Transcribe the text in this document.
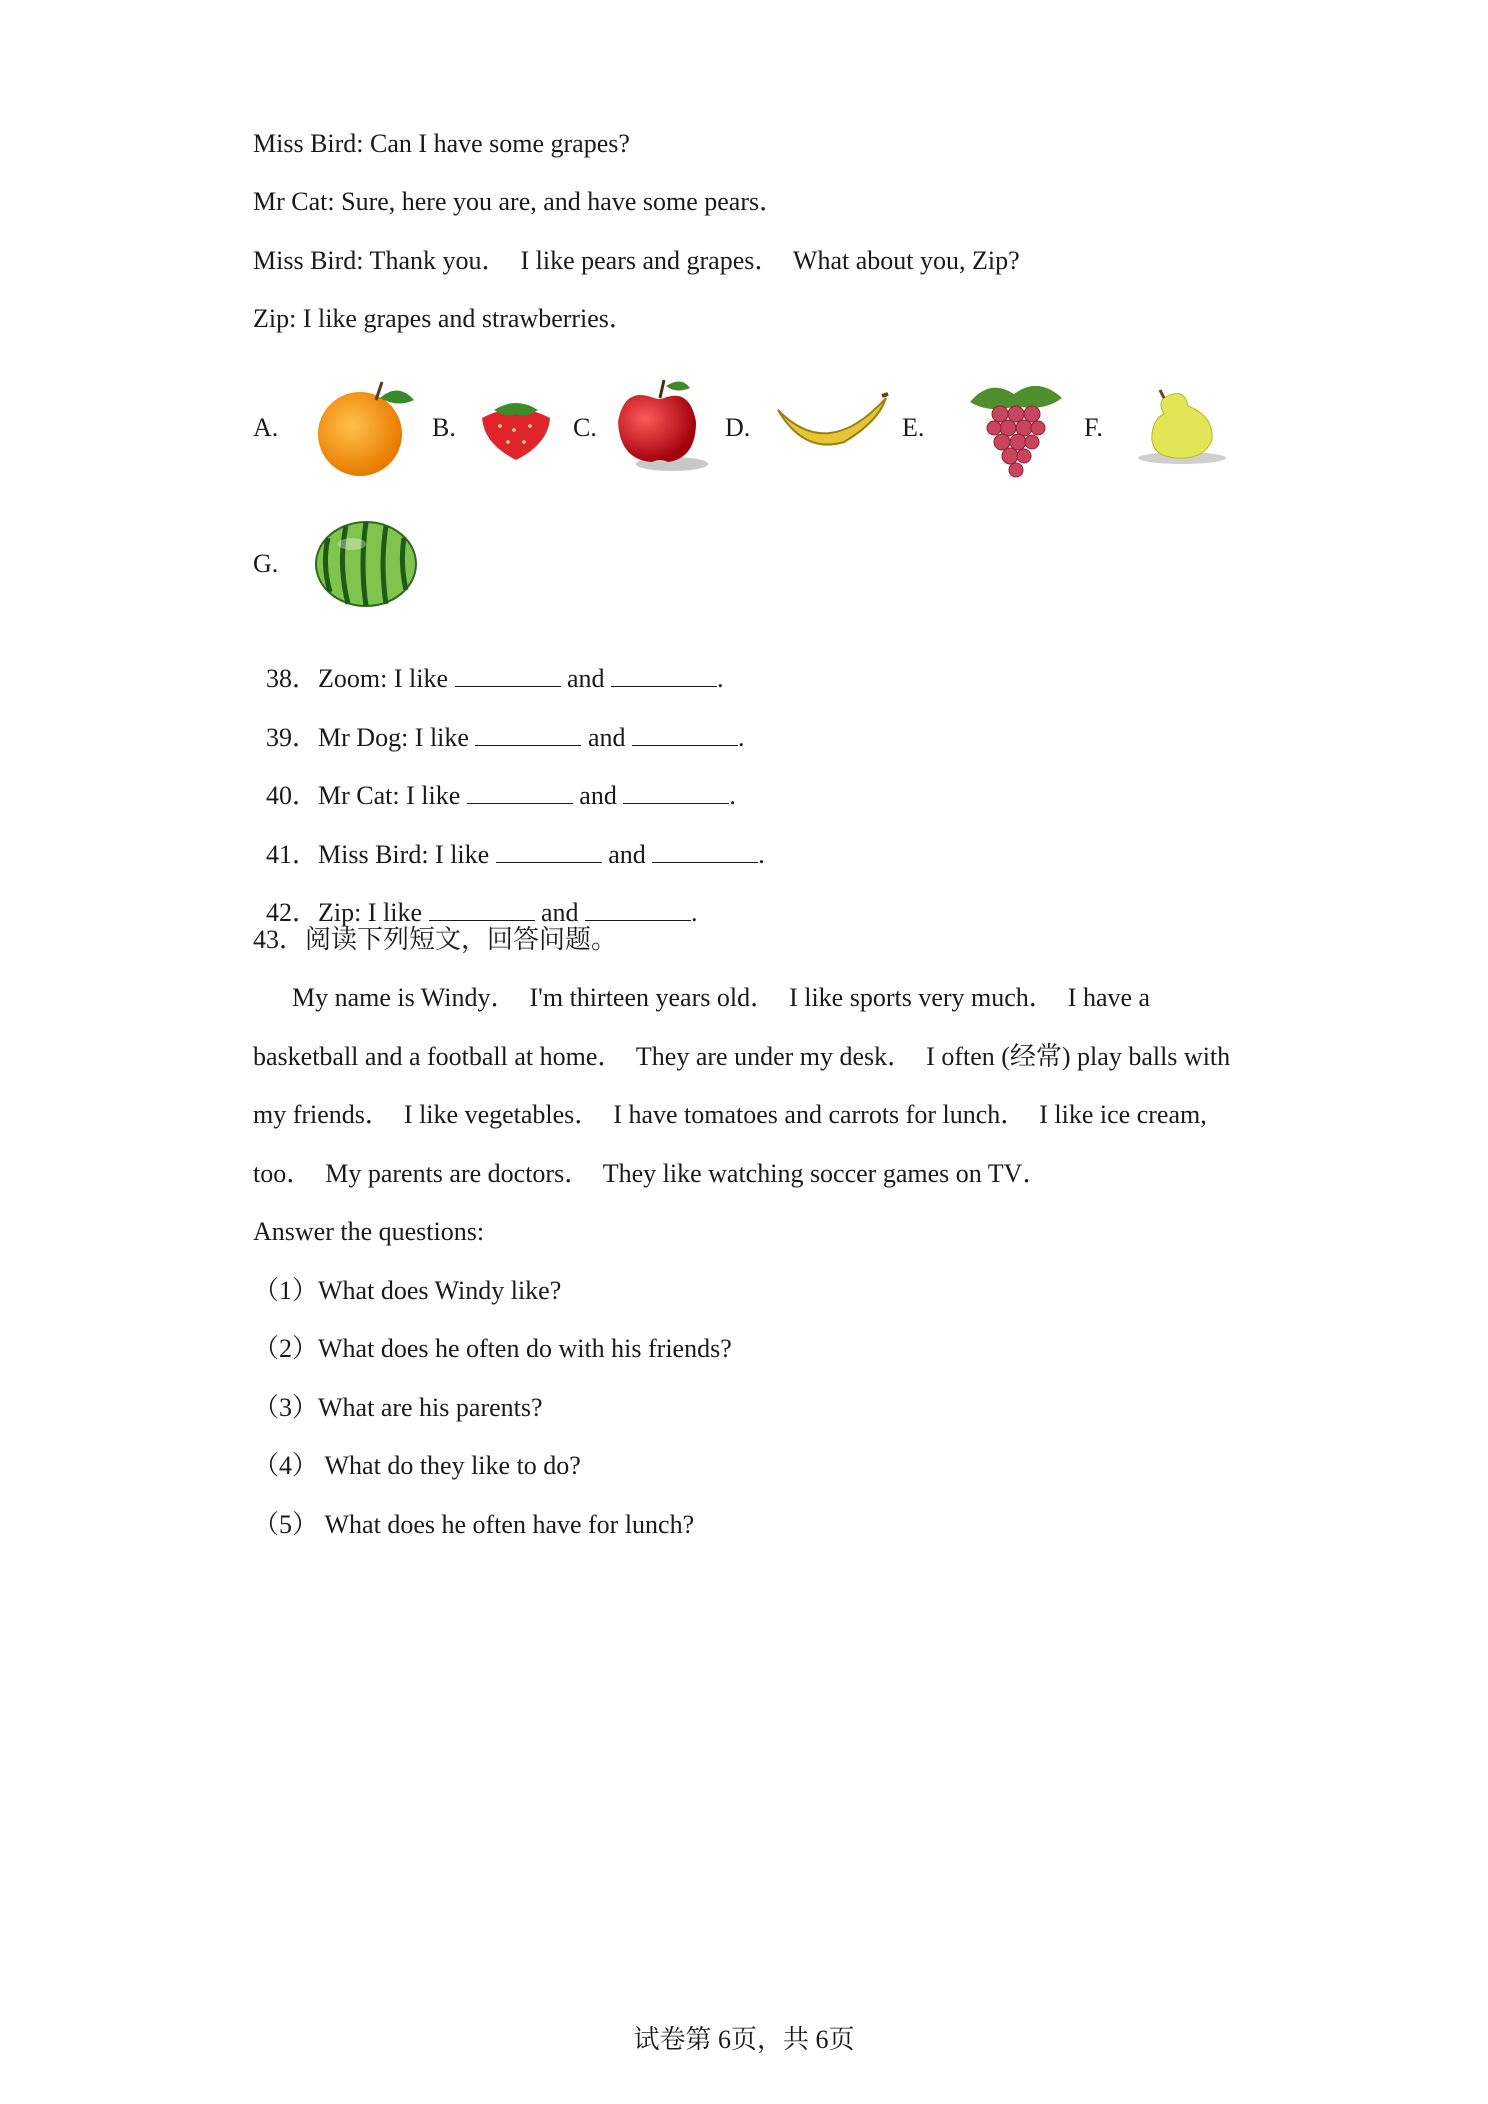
Miss Bird: Can I have some grapes?
Mr Cat: Sure, here you are, and have some pears．
Miss Bird: Thank you．  I like pears and grapes．  What about you, Zip?
Zip: I like grapes and strawberries．
A.	B.	C.	D.	E.	F.
G.

38．Zoom: I like	and	.

39．Mr Dog: I like	and	.

40．Mr Cat: I like	and	.

41．Miss Bird: I like	and	.

42．Zip: I like	and	.

43．阅读下列短文，回答问题。
My name is Windy．  I'm thirteen years old．  I like sports very much．  I have a
basketball and a football at home．  They are under my desk．  I often (经常) play balls with
my friends．  I like vegetables．  I have tomatoes and carrots for lunch．  I like ice cream,
too．  My parents are doctors．  They like watching soccer games on TV．
Answer the questions:
（1）What does Windy like?
（2）What does he often do with his friends?
（3）What are his parents?
（4） What do they like to do?
（5） What does he often have for lunch?
试卷第 6页，共 6页
